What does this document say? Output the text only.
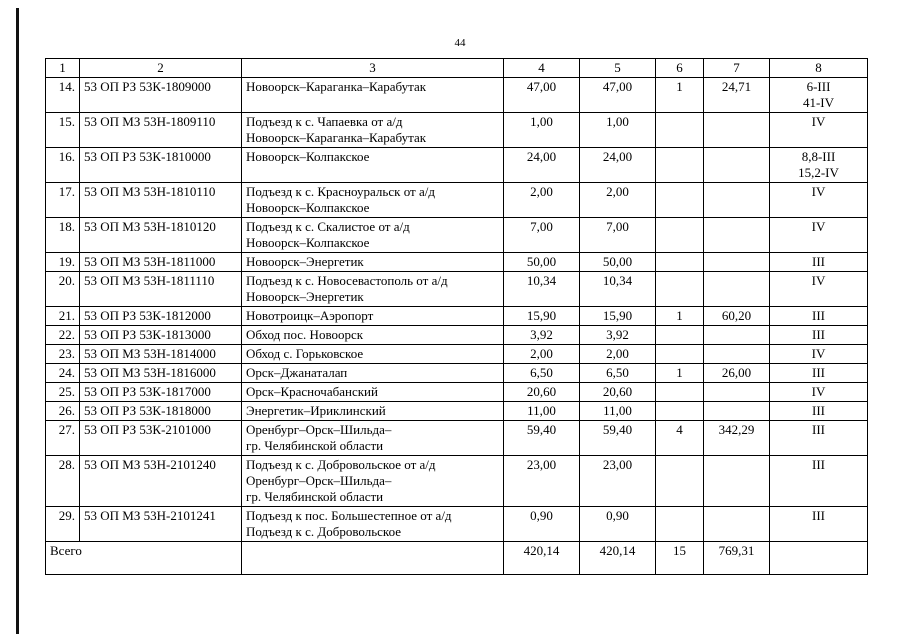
44
1	2	3	4	5	6	7	8
14.	53 ОП РЗ 53К-1809000	Новоорск–Караганка–Карабутак	47,00	47,00	1	24,71	6-III
41-IV

15.	53 ОП МЗ 53Н-1809110	Подъезд к с. Чапаевка от а/д
Новоорск–Караганка–Карабутак	1,00	1,00			IV

16.	53 ОП РЗ 53К-1810000	Новоорск–Колпакское	24,00	24,00			8,8-III
15,2-IV

17.	53 ОП МЗ 53Н-1810110	Подъезд к с. Красноуральск от а/д
Новоорск–Колпакское	2,00	2,00			IV

18.	53 ОП МЗ 53Н-1810120	Подъезд к с. Скалистое от а/д
Новоорск–Колпакское	7,00	7,00			IV

19.	53 ОП МЗ 53Н-1811000	Новоорск–Энергетик	50,00	50,00			III

20.	53 ОП МЗ 53Н-1811110	Подъезд к с. Новосевастополь от а/д
Новоорск–Энергетик	10,34	10,34			IV

21.	53 ОП РЗ 53К-1812000	Новотроицк–Аэропорт	15,90	15,90	1	60,20	III

22.	53 ОП РЗ 53К-1813000	Обход пос. Новоорск	3,92	3,92			III

23.	53 ОП МЗ 53Н-1814000	Обход с. Горьковское	2,00	2,00			IV

24.	53 ОП МЗ 53Н-1816000	Орск–Джанаталап	6,50	6,50	1	26,00	III

25.	53 ОП РЗ 53К-1817000	Орск–Красночабанский	20,60	20,60			IV

26.	53 ОП РЗ 53К-1818000	Энергетик–Ириклинский	11,00	11,00			III

27.	53 ОП РЗ 53К-2101000	Оренбург–Орск–Шильда–
гр. Челябинской области	59,40	59,40	4	342,29	III

28.	53 ОП МЗ 53Н-2101240	Подъезд к с. Добровольское от а/д
Оренбург–Орск–Шильда–
гр. Челябинской области	23,00	23,00			III

29.	53 ОП МЗ 53Н-2101241	Подъезд к пос. Большестепное от а/д
Подъезд к с. Добровольское	0,90	0,90			III

Всего			420,14	420,14	15	769,31	
